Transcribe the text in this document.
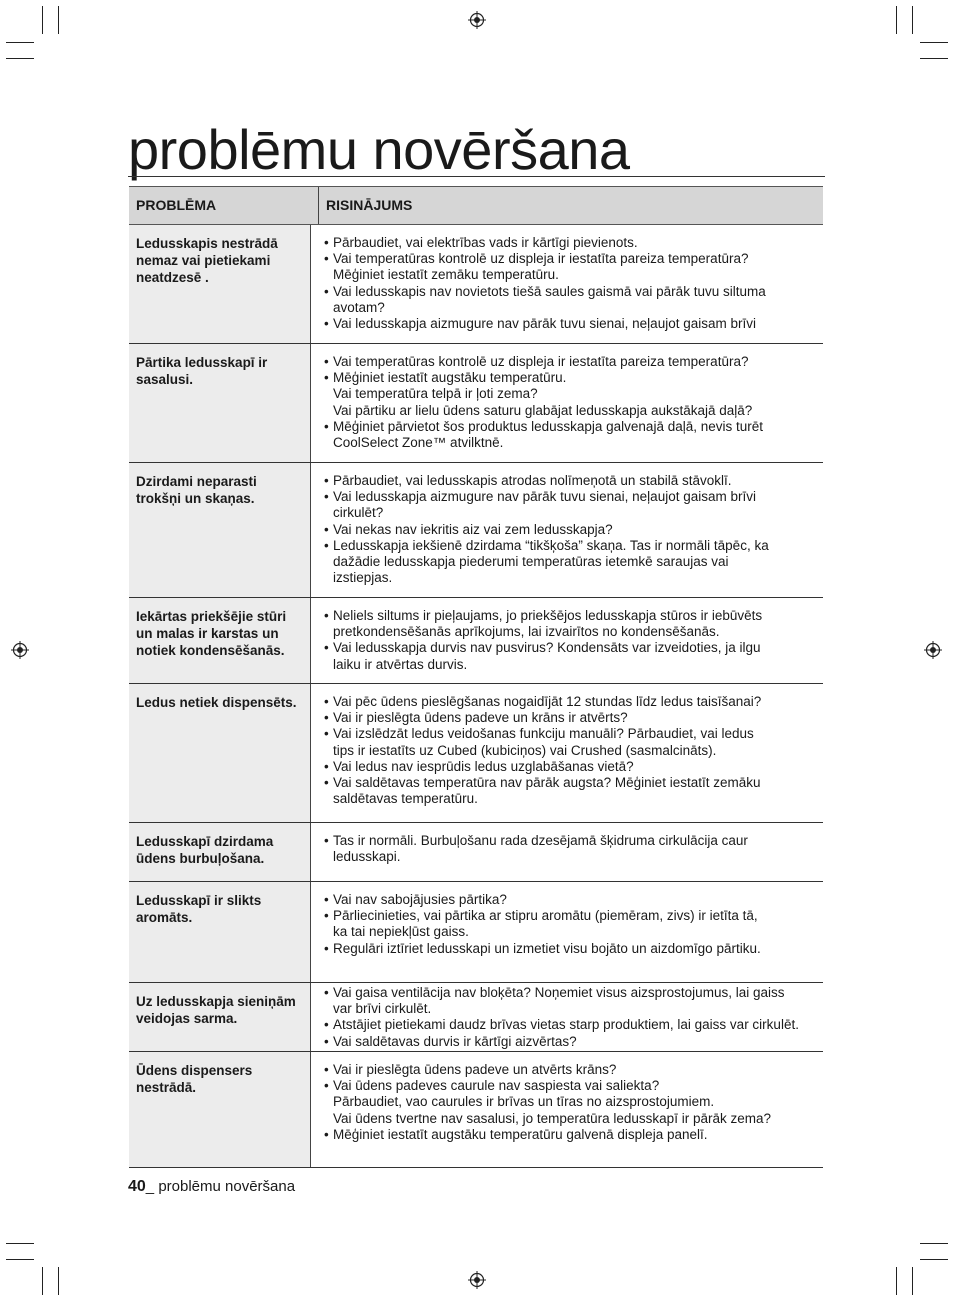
problēmu novēršana
PROBLĒMA	RISINĀJUMS
Ledusskapis nestrādā nemaz vai pietiekami neatdzesē .
• Pārbaudiet, vai elektrības vads ir kārtīgi pievienots.
• Vai temperatūras kontrolē uz displeja ir iestatīta pareiza temperatūra?
Mēģiniet iestatīt zemāku temperatūru.
• Vai ledusskapis nav novietots tiešā saules gaismā vai pārāk tuvu siltuma
avotam?
• Vai ledusskapja aizmugure nav pārāk tuvu sienai, neļaujot gaisam brīvi
Pārtika ledusskapī ir sasalusi.
• Vai temperatūras kontrolē uz displeja ir iestatīta pareiza temperatūra?
• Mēģiniet iestatīt augstāku temperatūru.
Vai temperatūra telpā ir ļoti zema?
Vai pārtiku ar lielu ūdens saturu glabājat ledusskapja aukstākajā daļā?
• Mēģiniet pārvietot šos produktus ledusskapja galvenajā daļā, nevis turēt
CoolSelect Zone™ atvilktnē.
Dzirdami neparasti trokšņi un skaņas.
• Pārbaudiet, vai ledusskapis atrodas nolīmeņotā un stabilā stāvoklī.
• Vai ledusskapja aizmugure nav pārāk tuvu sienai, neļaujot gaisam brīvi
cirkulēt?
• Vai nekas nav iekritis aiz vai zem ledusskapja?
• Ledusskapja iekšienē dzirdama “tikšķoša” skaņa. Tas ir normāli tāpēc, ka
dažādie ledusskapja piederumi temperatūras ietemkē saraujas vai
izstiepjas.
Iekārtas priekšējie stūri un malas ir karstas un notiek kondensēšanās.
• Neliels siltums ir pieļaujams, jo priekšējos ledusskapja stūros ir iebūvēts
pretkondensēšanās aprīkojums, lai izvairītos no kondensēšanās.
• Vai ledusskapja durvis nav pusvirus? Kondensāts var izveidoties, ja ilgu
laiku ir atvērtas durvis.
Ledus netiek dispensēts.
•	Vai pēc ūdens pieslēgšanas nogaidījāt 12 stundas līdz ledus taisīšanai?
• Vai ir pieslēgta ūdens padeve un krāns ir atvērts?
• Vai izslēdzāt ledus veidošanas funkciju manuāli? Pārbaudiet, vai ledus
tips ir iestatīts uz Cubed (kubiciņos) vai Crushed (sasmalcināts).
• Vai ledus nav iesprūdis ledus uzglabāšanas vietā?
• Vai saldētavas temperatūra nav pārāk augsta? Mēģiniet iestatīt zemāku
saldētavas temperatūru.
Ledusskapī dzirdama ūdens burbuļošana.
• Tas ir normāli. Burbuļošanu rada dzesējamā šķidruma cirkulācija caur
ledusskapi.
Ledusskapī ir slikts aromāts.
• Vai nav sabojājusies pārtika?
• Pārliecinieties, vai pārtika ar stipru aromātu (piemēram, zivs) ir ietīta tā,
ka tai nepiekļūst gaiss.
• Regulāri iztīriet ledusskapi un izmetiet visu bojāto un aizdomīgo pārtiku.
Uz ledusskapja sieniņām veidojas sarma.
• Vai gaisa ventilācija nav bloķēta? Noņemiet visus aizsprostojumus, lai gaiss
var brīvi cirkulēt.
• Atstājiet pietiekami daudz brīvas vietas starp produktiem, lai gaiss var cirkulēt.
• Vai saldētavas durvis ir kārtīgi aizvērtas?
Ūdens dispensers nestrādā.
• Vai ir pieslēgta ūdens padeve un atvērts krāns?
• Vai ūdens padeves caurule nav saspiesta vai saliekta?
Pārbaudiet, vao caurules ir brīvas un tīras no aizsprostojumiem.
Vai ūdens tvertne nav sasalusi, jo temperatūra ledusskapī ir pārāk zema?
• Mēģiniet iestatīt augstāku temperatūru galvenā displeja panelī.
40_ problēmu novēršana
